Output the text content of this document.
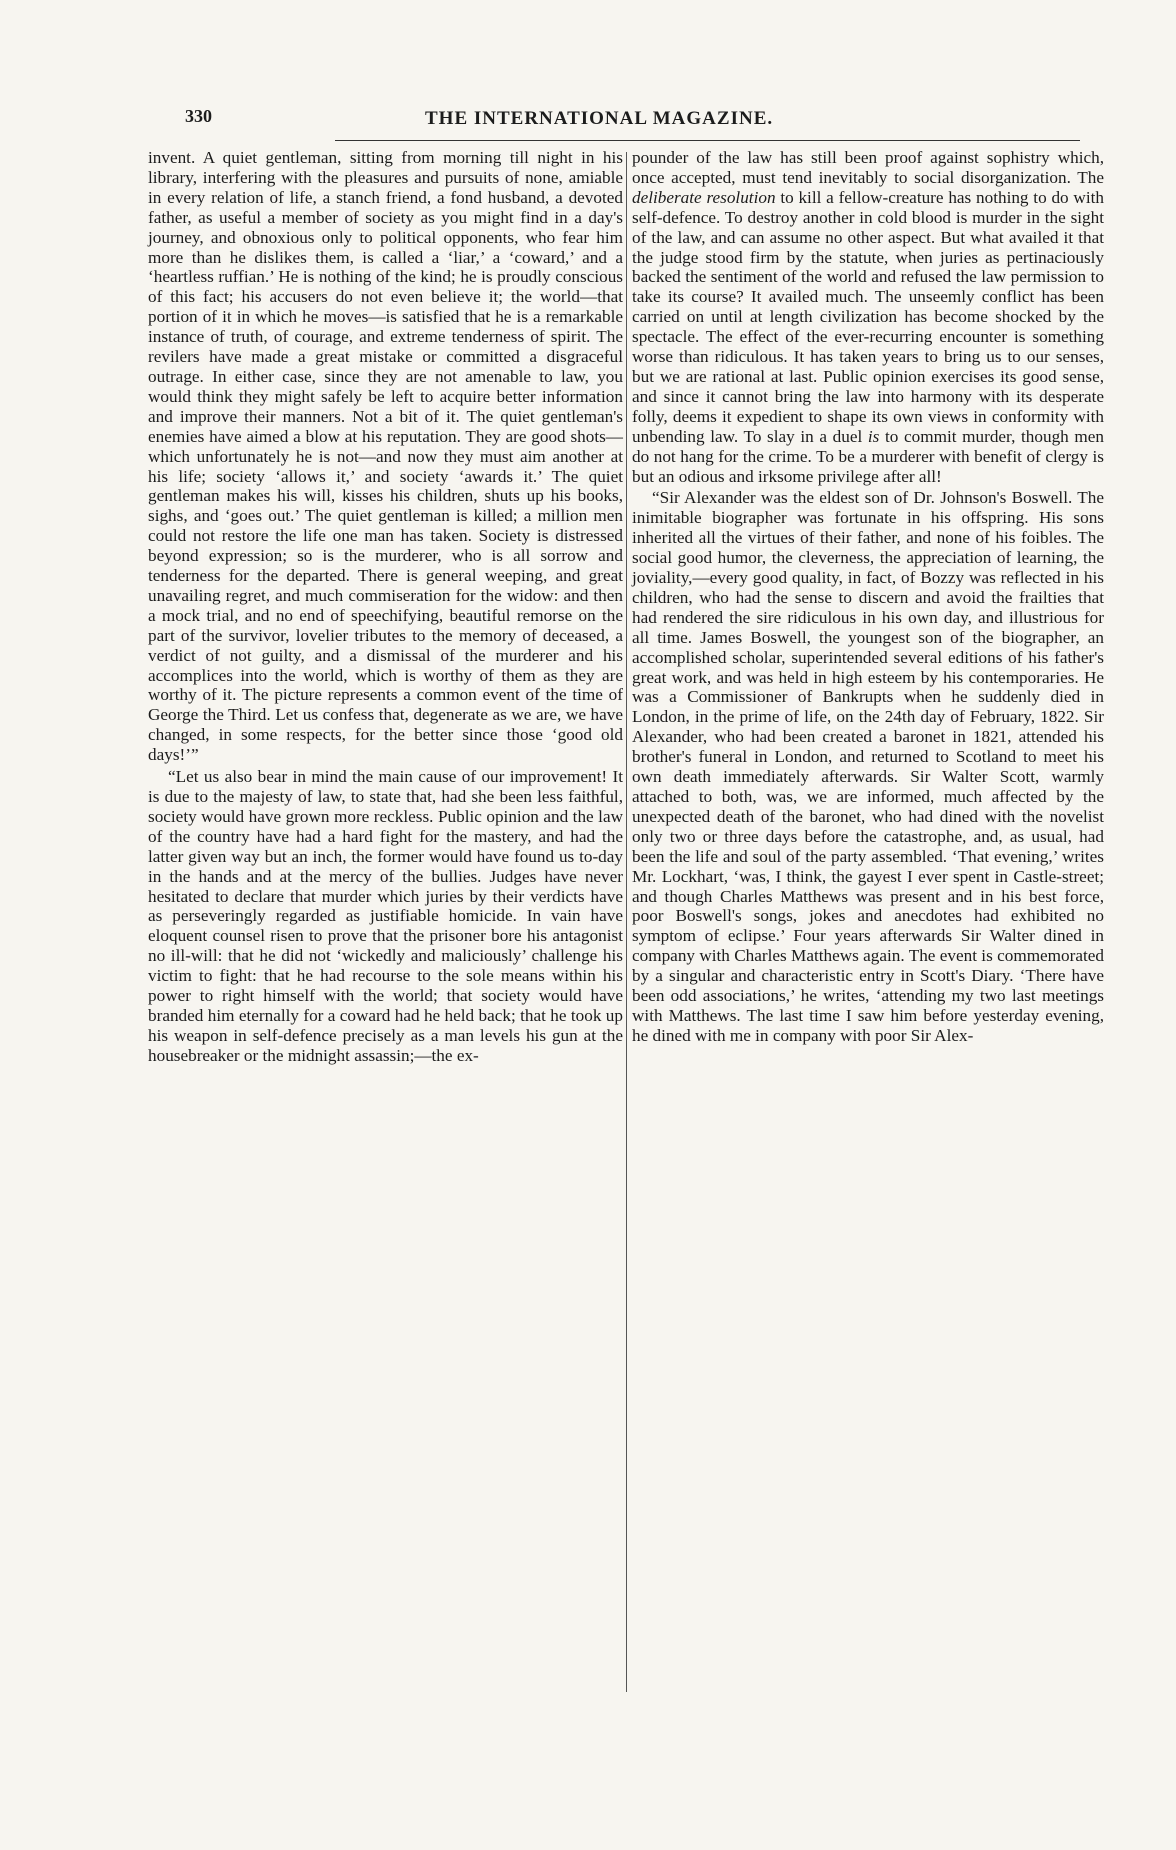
330	THE INTERNATIONAL MAGAZINE.

invent. A quiet gentleman, sitting from morning till night in his library, interfering with the pleasures and pursuits of none, amiable in every relation of life, a stanch friend, a fond husband, a devoted father, as useful a member of society as you might find in a day's journey, and obnoxious only to political opponents, who fear him more than he dislikes them, is called a ‘liar,’ a ‘coward,’ and a ‘heartless ruffian.’ He is nothing of the kind; he is proudly conscious of this fact; his accusers do not even believe it; the world—that portion of it in which he moves—is satisfied that he is a remarkable instance of truth, of courage, and extreme tenderness of spirit. The revilers have made a great mistake or committed a disgraceful outrage. In either case, since they are not amenable to law, you would think they might safely be left to acquire better information and improve their manners. Not a bit of it. The quiet gentleman's enemies have aimed a blow at his reputation. They are good shots—which unfortunately he is not—and now they must aim another at his life; society ‘allows it,’ and society ‘awards it.’ The quiet gentleman makes his will, kisses his children, shuts up his books, sighs, and ‘goes out.’ The quiet gentleman is killed; a million men could not restore the life one man has taken. Society is distressed beyond expression; so is the murderer, who is all sorrow and tenderness for the departed. There is general weeping, and great unavailing regret, and much commiseration for the widow: and then a mock trial, and no end of speechifying, beautiful remorse on the part of the survivor, lovelier tributes to the memory of deceased, a verdict of not guilty, and a dismissal of the murderer and his accomplices into the world, which is worthy of them as they are worthy of it. The picture represents a common event of the time of George the Third. Let us confess that, degenerate as we are, we have changed, in some respects, for the better since those ‘good old days!’”

“Let us also bear in mind the main cause of our improvement! It is due to the majesty of law, to state that, had she been less faithful, society would have grown more reckless. Public opinion and the law of the country have had a hard fight for the mastery, and had the latter given way but an inch, the former would have found us to-day in the hands and at the mercy of the bullies. Judges have never hesitated to declare that murder which juries by their verdicts have as perseveringly regarded as justifiable homicide. In vain have eloquent counsel risen to prove that the prisoner bore his antagonist no ill-will: that he did not ‘wickedly and maliciously’ challenge his victim to fight: that he had recourse to the sole means within his power to right himself with the world; that society would have branded him eternally for a coward had he held back; that he took up his weapon in self-defence precisely as a man levels his gun at the housebreaker or the midnight assassin;—the ex-

pounder of the law has still been proof against sophistry which, once accepted, must tend inevitably to social disorganization. The deliberate resolution to kill a fellow-creature has nothing to do with self-defence. To destroy another in cold blood is murder in the sight of the law, and can assume no other aspect. But what availed it that the judge stood firm by the statute, when juries as pertinaciously backed the sentiment of the world and refused the law permission to take its course? It availed much. The unseemly conflict has been carried on until at length civilization has become shocked by the spectacle. The effect of the ever-recurring encounter is something worse than ridiculous. It has taken years to bring us to our senses, but we are rational at last. Public opinion exercises its good sense, and since it cannot bring the law into harmony with its desperate folly, deems it expedient to shape its own views in conformity with unbending law. To slay in a duel is to commit murder, though men do not hang for the crime. To be a murderer with benefit of clergy is but an odious and irksome privilege after all!

“Sir Alexander was the eldest son of Dr. Johnson's Boswell. The inimitable biographer was fortunate in his offspring. His sons inherited all the virtues of their father, and none of his foibles. The social good humor, the cleverness, the appreciation of learning, the joviality,—every good quality, in fact, of Bozzy was reflected in his children, who had the sense to discern and avoid the frailties that had rendered the sire ridiculous in his own day, and illustrious for all time. James Boswell, the youngest son of the biographer, an accomplished scholar, superintended several editions of his father's great work, and was held in high esteem by his contemporaries. He was a Commissioner of Bankrupts when he suddenly died in London, in the prime of life, on the 24th day of February, 1822. Sir Alexander, who had been created a baronet in 1821, attended his brother's funeral in London, and returned to Scotland to meet his own death immediately afterwards. Sir Walter Scott, warmly attached to both, was, we are informed, much affected by the unexpected death of the baronet, who had dined with the novelist only two or three days before the catastrophe, and, as usual, had been the life and soul of the party assembled. ‘That evening,’ writes Mr. Lockhart, ‘was, I think, the gayest I ever spent in Castle-street; and though Charles Matthews was present and in his best force, poor Boswell's songs, jokes and anecdotes had exhibited no symptom of eclipse.’ Four years afterwards Sir Walter dined in company with Charles Matthews again. The event is commemorated by a singular and characteristic entry in Scott's Diary. ‘There have been odd associations,’ he writes, ‘attending my two last meetings with Matthews. The last time I saw him before yesterday evening, he dined with me in company with poor Sir Alex-
